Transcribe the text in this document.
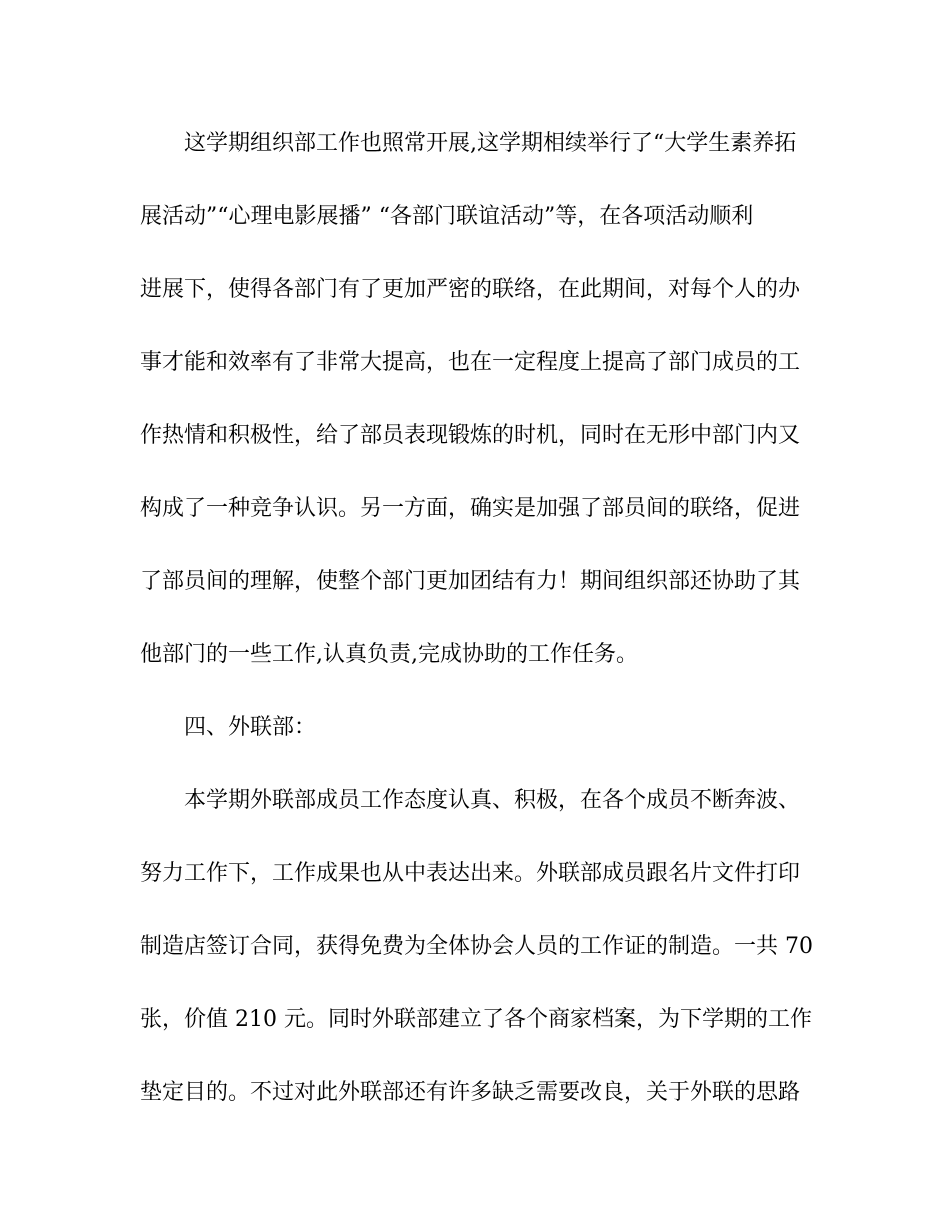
这学期组织部工作也照常开展,这学期相续举行了“大学生素养拓
展活动”“心理电影展播” “各部门联谊活动”等，在各项活动顺利
进展下，使得各部门有了更加严密的联络，在此期间，对每个人的办
事才能和效率有了非常大提高，也在一定程度上提高了部门成员的工
作热情和积极性，给了部员表现锻炼的时机，同时在无形中部门内又
构成了一种竞争认识。另一方面，确实是加强了部员间的联络，促进
了部员间的理解，使整个部门更加团结有力！期间组织部还协助了其
他部门的一些工作,认真负责,完成协助的工作任务。
四、外联部：
本学期外联部成员工作态度认真、积极，在各个成员不断奔波、
努力工作下，工作成果也从中表达出来。外联部成员跟名片文件打印
制造店签订合同，获得免费为全体协会人员的工作证的制造。一共 70
张，价值 210 元。同时外联部建立了各个商家档案，为下学期的工作
垫定目的。不过对此外联部还有许多缺乏需要改良，关于外联的思路
